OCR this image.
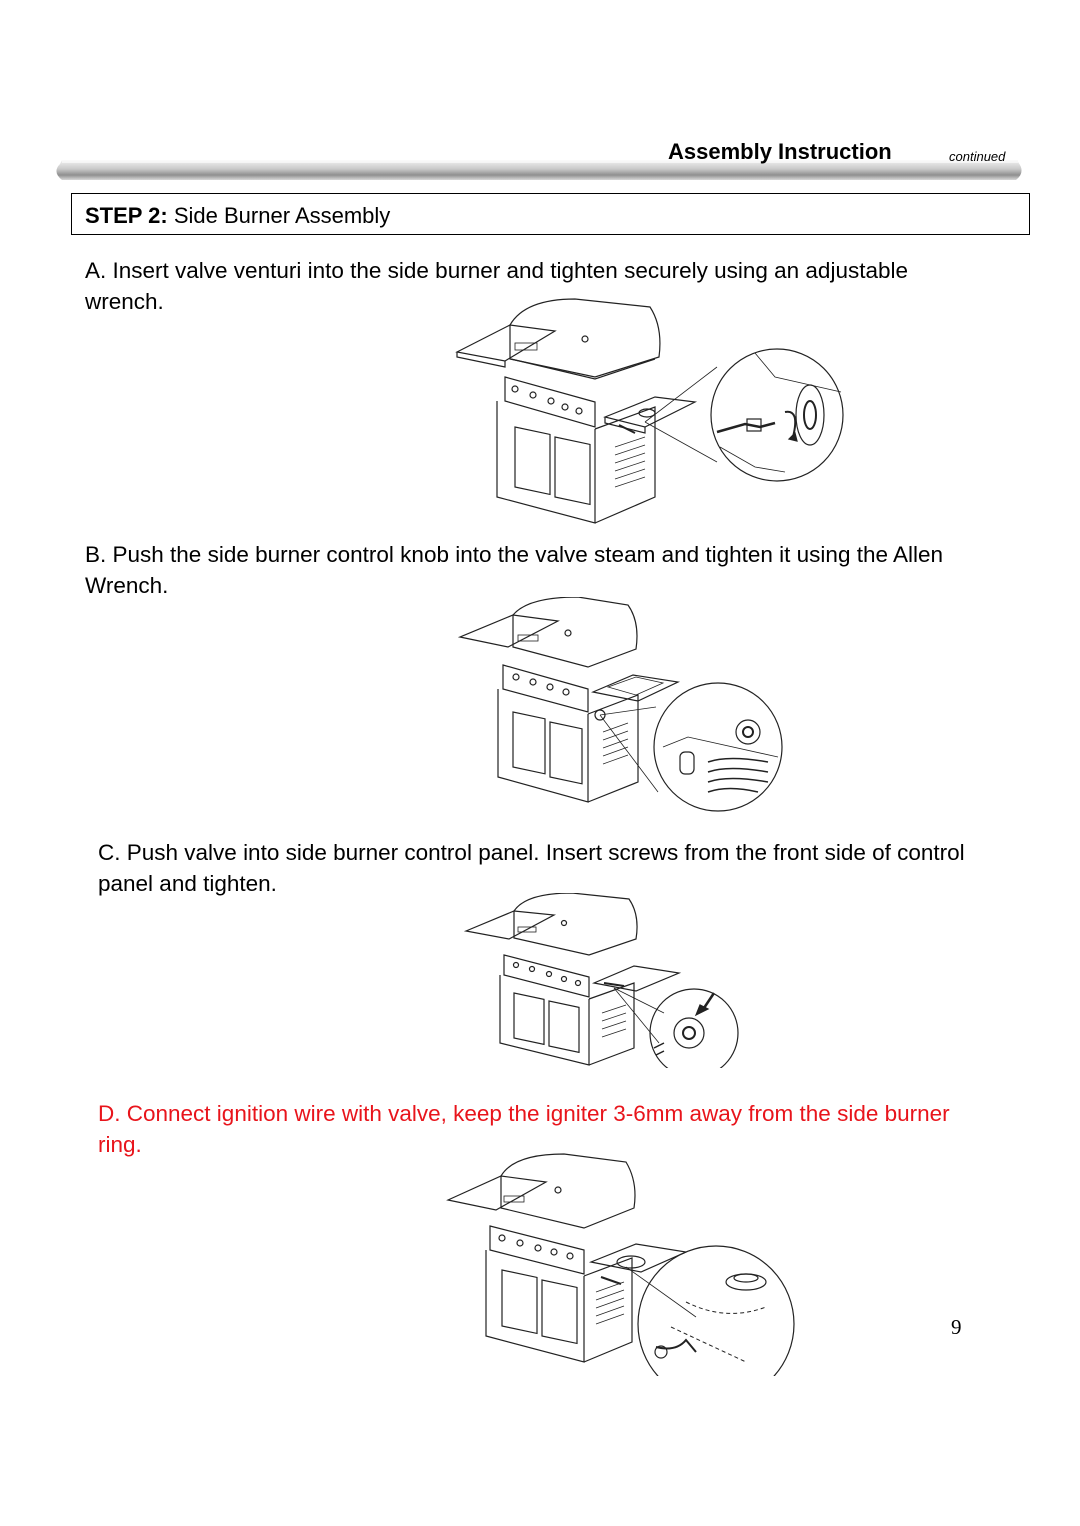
Assembly Instruction	continued
STEP 2: Side Burner Assembly
A. Insert valve venturi into the side burner and tighten securely using an adjustable wrench.
B. Push the side burner control knob into the valve steam and tighten it using the Allen Wrench.
C. Push valve into side burner control panel. Insert screws from the front side of control panel and tighten.
D. Connect ignition wire with valve, keep the igniter 3-6mm away from the side burner ring.
9
